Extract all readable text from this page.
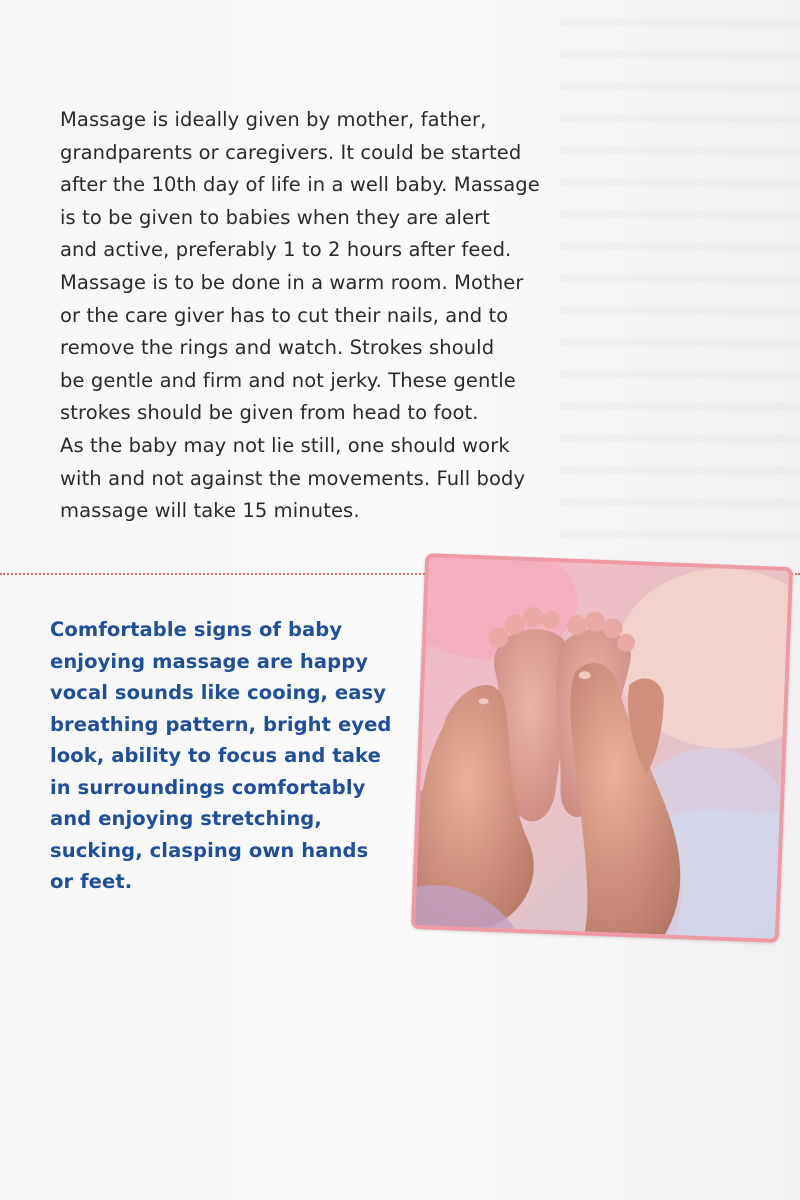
Massage is ideally given by mother, father,
grandparents or caregivers. It could be started
after the 10th day of life in a well baby. Massage
is to be given to babies when they are alert
and active, preferably 1 to 2 hours after feed.
Massage is to be done in a warm room. Mother
or the care giver has to cut their nails, and to
remove the rings and watch. Strokes should
be gentle and firm and not jerky. These gentle
strokes should be given from head to foot.
As the baby may not lie still, one should work
with and not against the movements. Full body
massage will take 15 minutes.

Comfortable signs of baby
enjoying massage are happy
vocal sounds like cooing, easy
breathing pattern, bright eyed
look, ability to focus and take
in surroundings comfortably
and enjoying stretching,
sucking, clasping own hands
or feet.
